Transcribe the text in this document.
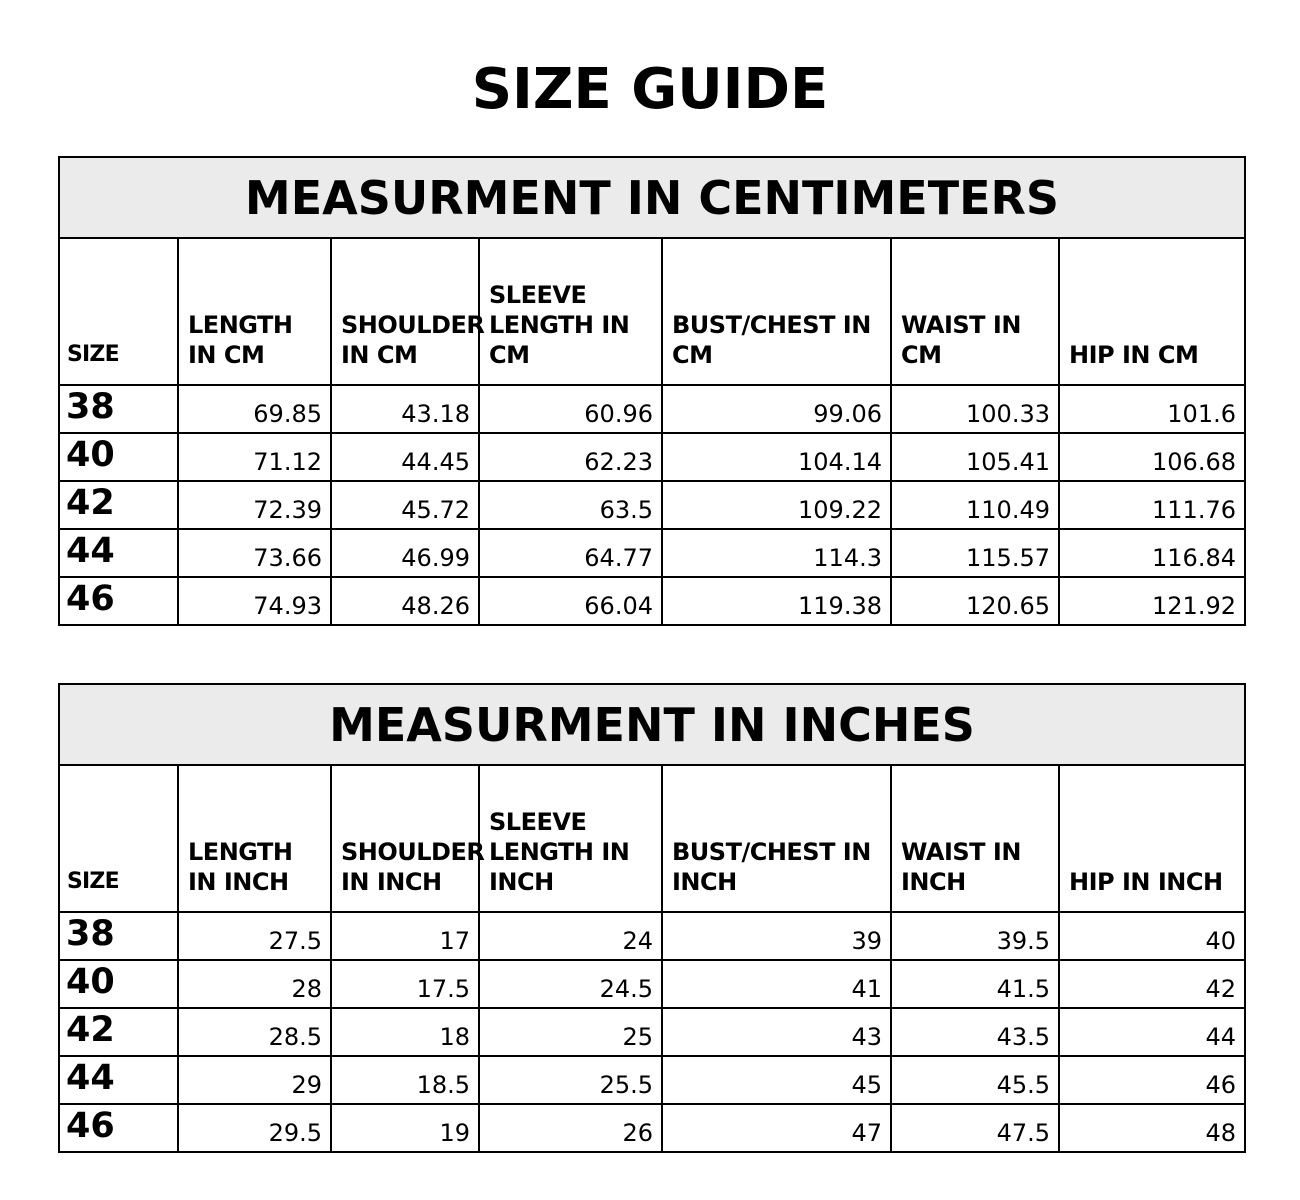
SIZE GUIDE
MEASURMENT IN CENTIMETERS						
SIZE	LENGTH IN CM	SHOULDER IN CM	SLEEVE LENGTH IN CM	BUST/CHEST IN CM	WAIST IN CM	HIP IN CM
38	69.85	43.18	60.96	99.06	100.33	101.6
40	71.12	44.45	62.23	104.14	105.41	106.68
42	72.39	45.72	63.5	109.22	110.49	111.76
44	73.66	46.99	64.77	114.3	115.57	116.84
46	74.93	48.26	66.04	119.38	120.65	121.92
MEASURMENT IN INCHES						
SIZE	LENGTH IN INCH	SHOULDER IN INCH	SLEEVE LENGTH IN INCH	BUST/CHEST IN INCH	WAIST IN INCH	HIP IN INCH
38	27.5	17	24	39	39.5	40
40	28	17.5	24.5	41	41.5	42
42	28.5	18	25	43	43.5	44
44	29	18.5	25.5	45	45.5	46
46	29.5	19	26	47	47.5	48
